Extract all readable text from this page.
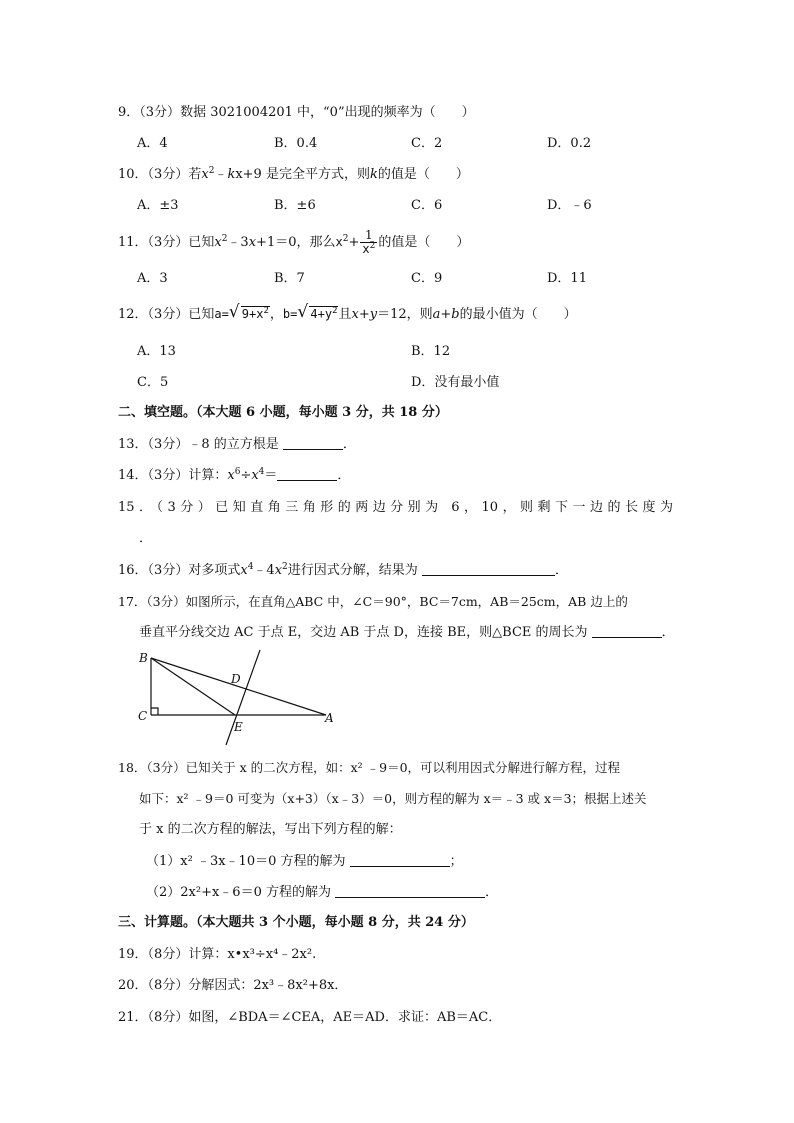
9．（3分）数据 3021004201 中，“0”出现的频率为（　　）
A．4	B．0.4	C．2	D．0.2
10．（3分）若$x^2﹣kx+9$ 是完全平方式，则k的值是（　　）
A．±3	B．±6	C．6	D．﹣6
11．（3分）已知$x^2﹣3x+1=0$，那么$x^2+ \frac{1}{x^2}$ 的值是（　　）
A．3	B．7	C．9	D．11
12．（3分）已知a= √ $9+x^2$，b= √ $4+y^2$且x+y＝12，则a+b的最小值为（　　）
A．13	B．12
C．5	D．没有最小值
二、填空题。（本大题 6 小题，每小题 3 分，共 18 分）
13．（3分）﹣8 的立方根是	．
14．（3分）计算：$x^6\div x^4=$	．
15．（3分）已知直角三角形的两边分别为 6，10，则剩下一边的长度为
．
16．（3分）对多项式$x^4﹣4x^2$进行因式分解，结果为	．
17．（3分）如图所示，在直角△ABC 中，∠C＝90°，BC＝7cm，AB＝25cm，AB 边上的
垂直平分线交边 AC 于点 E，交边 AB 于点 D，连接 BE，则△BCE 的周长为	．
B
C	A
D
E
18．（3分）已知关于 x 的二次方程，如：x² ﹣9＝0，可以利用因式分解进行解方程，过程
如下：x² ﹣9＝0 可变为（x+3）（x﹣3）＝0，则方程的解为 x＝﹣3 或 x＝3；根据上述关
于 x 的二次方程的解法，写出下列方程的解：
（1）x² ﹣3x﹣10＝0 方程的解为	；
（2）2x²+x﹣6＝0 方程的解为	．
三、计算题。（本大题共 3 个小题，每小题 8 分，共 24 分）
19．（8分）计算：x•x³÷x⁴﹣2x².
20．（8分）分解因式：2x³﹣8x²+8x．
21．（8分）如图，∠BDA＝∠CEA，AE＝AD．求证：AB＝AC．
